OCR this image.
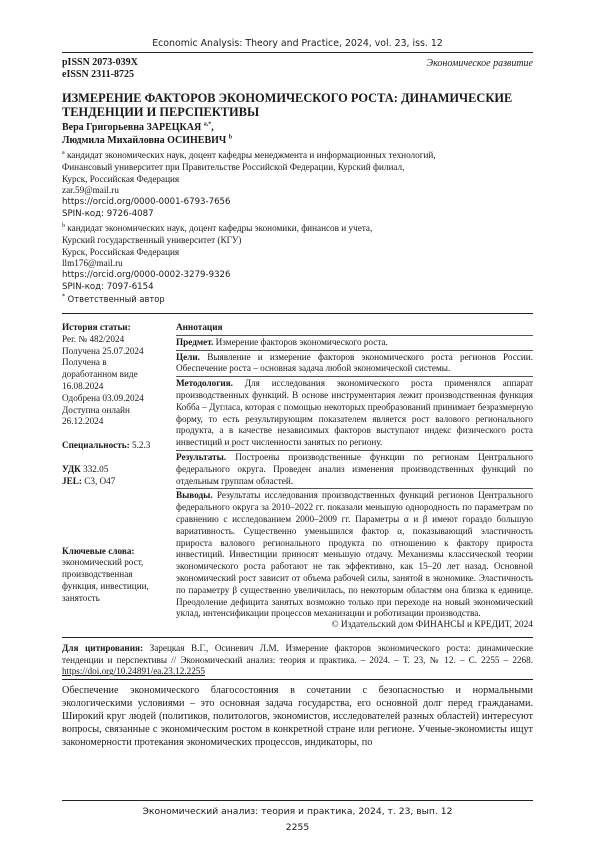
Economic Analysis: Theory and Practice, 2024, vol. 23, iss. 12
pISSN 2073-039X
eISSN 2311-8725
Экономическое развитие
ИЗМЕРЕНИЕ ФАКТОРОВ ЭКОНОМИЧЕСКОГО РОСТА: ДИНАМИЧЕСКИЕ ТЕНДЕНЦИИ И ПЕРСПЕКТИВЫ
Вера Григорьевна ЗАРЕЦКАЯ $^{a,*}$,
Людмила Михайловна ОСИНЕВИЧ $^b$
$^a$ кандидат экономических наук, доцент кафедры менеджмента и информационных технологий,
Финансовый университет при Правительстве Российской Федерации, Курский филиал,
Курск, Российская Федерация
zar.59@mail.ru
https://orcid.org/0000-0001-6793-7656
SPIN-код: 9726-4087
$^b$ кандидат экономических наук, доцент кафедры экономики, финансов и учета,
Курский государственный университет (КГУ)
Курск, Российская Федерация
llm176@mail.ru
https://orcid.org/0000-0002-3279-9326
SPIN-код: 7097-6154
* Ответственный автор
История статьи:
Рег. № 482/2024
Получена 25.07.2024
Получена в доработанном виде 16.08.2024
Одобрена 03.09.2024
Доступна онлайн 26.12.2024
Специальность: 5.2.3
УДК 332.05
JEL: C3, O47
Ключевые слова:
экономический рост, производственная функция, инвестиции, занятость

Аннотация

Предмет. Измерение факторов экономического роста.

Цели. Выявление и измерение факторов экономического роста регионов России. Обеспечение роста – основная задача любой экономической системы.

Методология. Для исследования экономического роста применялся аппарат производственных функций. В основе инструментария лежит производственная функция Кобба – Дугласа, которая с помощью некоторых преобразований принимает безразмерную форму, то есть результирующим показателем является рост валового регионального продукта, а в качестве независимых факторов выступают индекс физического роста инвестиций и рост численности занятых по региону.

Результаты. Построены производственные функции по регионам Центрального федерального округа. Проведен анализ изменения производственных функций по отдельным группам областей.

Выводы. Результаты исследования производственных функций регионов Центрального федерального округа за 2010–2022 гг. показали меньшую однородность по параметрам по сравнению с исследованием 2000–2009 гг. Параметры α и β имеют гораздо большую вариативность. Существенно уменьшился фактор α, показывающий эластичность прироста валового регионального продукта по отношению к фактору прироста инвестиций. Инвестиции приносят меньшую отдачу. Механизмы классической теории экономического роста работают не так эффективно, как 15–20 лет назад. Основной экономический рост зависит от объема рабочей силы, занятой в экономике. Эластичность по параметру β существенно увеличилась, по некоторым областям она близка к единице. Преодоление дефицита занятых возможно только при переходе на новый экономический уклад, интенсификации процессов механизации и роботизации производства.

© Издательский дом ФИНАНСЫ и КРЕДИТ, 2024
Для цитирования: Зарецкая В.Г., Осиневич Л.М. Измерение факторов экономического роста: динамические тенденции и перспективы // Экономический анализ: теория и практика. – 2024. – Т. 23, № 12. – С. 2255 – 2268. https://doi.org/10.24891/ea.23.12.2255
Обеспечение экономического благосостояния в сочетании с безопасностью и нормальными экологическими условиями – это основная задача государства, его основной долг перед гражданами. Широкий круг людей (политиков, политологов, экономистов, исследователей разных областей) интересуют вопросы, связанные с экономическим ростом в конкретной стране или регионе. Ученые-экономисты ищут закономерности протекания экономических процессов, индикаторы, по
Экономический анализ: теория и практика, 2024, т. 23, вып. 12
2255
